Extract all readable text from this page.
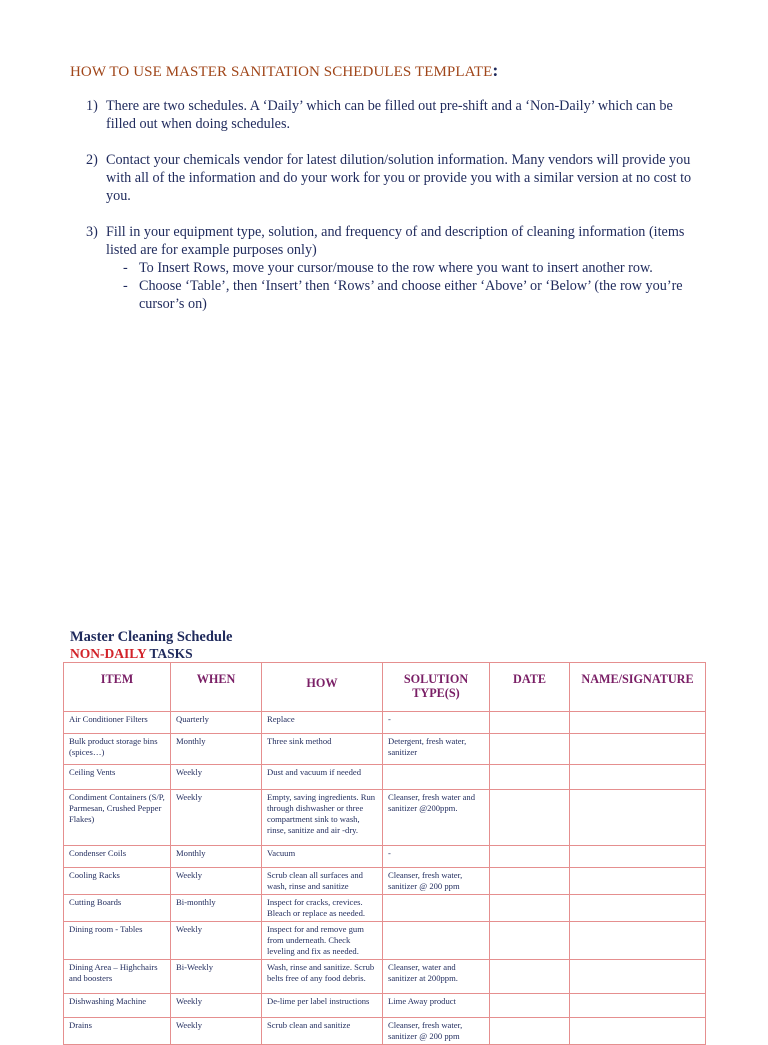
HOW TO USE MASTER SANITATION SCHEDULES TEMPLATE:
1) There are two schedules. A ‘Daily’ which can be filled out pre-shift and a ‘Non-Daily’ which can be filled out when doing schedules.
2) Contact your chemicals vendor for latest dilution/solution information. Many vendors will provide you with all of the information and do your work for you or provide you with a similar version at no cost to you.
3) Fill in your equipment type, solution, and frequency of and description of cleaning information (items listed are for example purposes only)
- To Insert Rows, move your cursor/mouse to the row where you want to insert another row.
- Choose ‘Table’, then ‘Insert’ then ‘Rows’ and choose either ‘Above’ or ‘Below’ (the row you’re cursor’s on)
Master Cleaning Schedule
NON-DAILY TASKS
ITEM	WHEN	HOW	SOLUTION TYPE(S)	DATE	NAME/SIGNATURE
Air Conditioner Filters	Quarterly	Replace	-		
Bulk product storage bins (spices…)	Monthly	Three sink method	Detergent, fresh water, sanitizer		
Ceiling Vents	Weekly	Dust and vacuum if needed			
Condiment Containers (S/P, Parmesan, Crushed Pepper Flakes)	Weekly	Empty, saving ingredients. Run through dishwasher or three compartment sink to wash, rinse, sanitize and air -dry.	Cleanser, fresh water and sanitizer @200ppm.		
Condenser Coils	Monthly	Vacuum	-		
Cooling Racks	Weekly	Scrub clean all surfaces and wash, rinse and sanitize	Cleanser, fresh water, sanitizer @ 200 ppm		
Cutting Boards	Bi-monthly	Inspect for cracks, crevices. Bleach or replace as needed.			
Dining room - Tables	Weekly	Inspect for and remove gum from underneath. Check leveling and fix as needed.			
Dining Area – Highchairs and boosters	Bi-Weekly	Wash, rinse and sanitize. Scrub belts free of any food debris.	Cleanser, water and sanitizer at 200ppm.		
Dishwashing Machine	Weekly	De-lime per label instructions	Lime Away product		
Drains	Weekly	Scrub clean and sanitize	Cleanser, fresh water, sanitizer @ 200 ppm		
